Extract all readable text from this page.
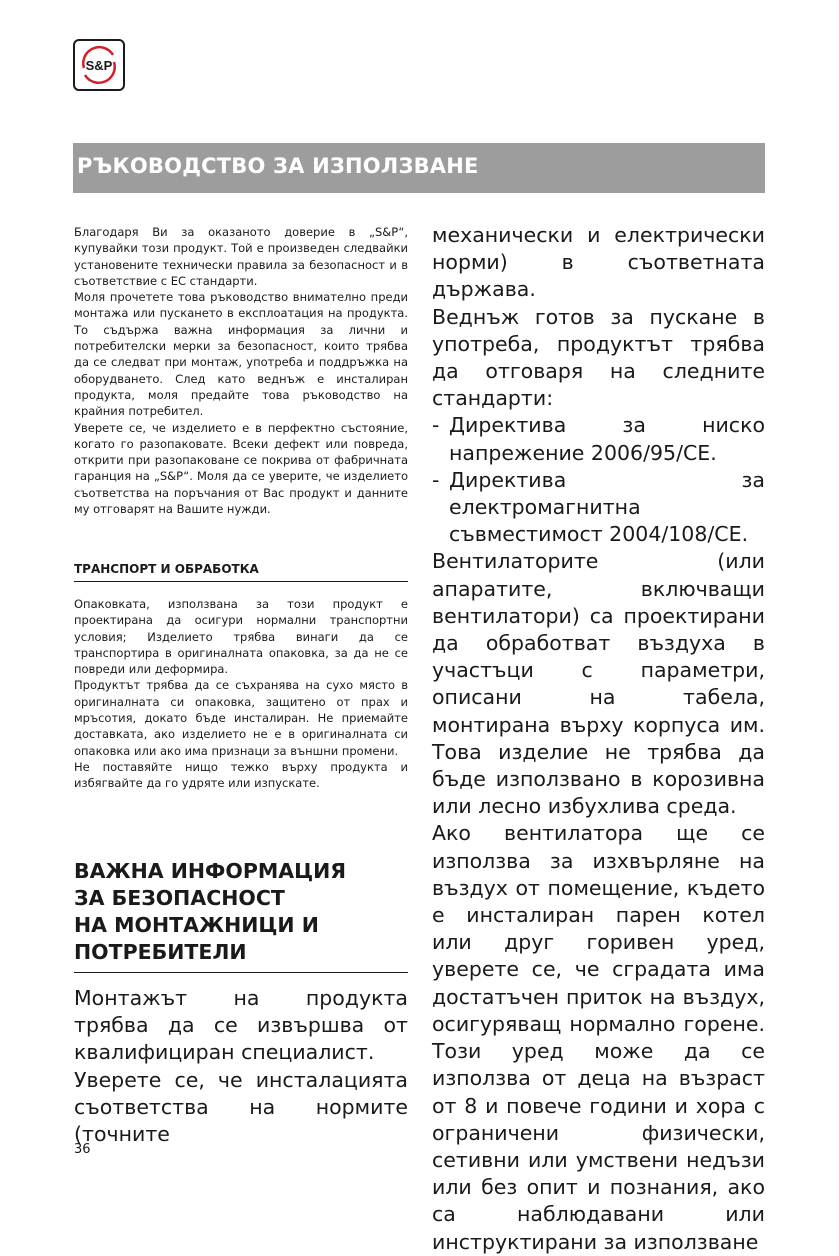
S&P
РЪКОВОДСТВО ЗА ИЗПОЛЗВАНЕ

Благодаря Ви за оказаното доверие в „S&P“, купувайки този продукт. Той е произведен следвайки установените технически правила за безопасност и в съответствие с ЕС стандарти.

Моля прочетете това ръководство внимателно преди монтажа или пускането в експлоатация на продукта. То съдържа важна информация за лични и потребителски мерки за безопасност, които трябва да се следват при монтаж, употреба и поддръжка на оборудването. След като веднъж е инсталиран продукта, моля предайте това ръководство на крайния потребител.

Уверете се, че изделието е в перфектно състояние, когато го разопаковате. Всеки дефект или повреда, открити при разопаковане се покрива от фабричната гаранция на „S&P“. Моля да се уверите, че изделието съответства на поръчания от Вас продукт и данните му отговарят на Вашите нужди.

ТРАНСПОРТ И ОБРАБОТКА

Опаковката, използвана за този продукт е проектирана да осигури нормални транспортни условия; Изделието трябва винаги да се транспортира в оригиналната опаковка, за да не се повреди или деформира.

Продуктът трябва да се съхранява на сухо място в оригиналната си опаковка, защитено от прах и мръсотия, докато бъде инсталиран. Не приемайте доставката, ако изделието не е в оригиналната си опаковка или ако има признаци за външни промени.

Не поставяйте нищо тежко върху продукта и избягвайте да го удряте или изпускате.

ВАЖНА ИНФОРМАЦИЯ
ЗА БЕЗОПАСНОСТ
НА МОНТАЖНИЦИ И
ПОТРЕБИТЕЛИ

Монтажът на продукта трябва да се извършва от квалифициран специалист.

Уверете се, че инсталацията съответства на нормите (точните

механически и електрически норми) в съответната държава.

Веднъж готов за пускане в употреба, продуктът трябва да отговаря на следните стандарти:

- Директива за ниско напрежение 2006/95/CE.
- Директива за електромагнитна съвместимост 2004/108/CE.

Вентилаторите (или апаратите, включващи вентилатори) са проектирани да обработват въздуха в участъци с параметри, описани на табела, монтирана върху корпуса им. Това изделие не трябва да бъде използвано в корозивна или лесно избухлива среда.

Ако вентилатора ще се използва за изхвърляне на въздух от помещение, където е инсталиран парен котел или друг горивен уред, уверете се, че сградата има достатъчен приток на въздух, осигуряващ нормално горене. Този уред може да се използва от деца на възраст от 8 и повече години и хора с ограничени физически, сетивни или умствени недъзи или без опит и познания, ако са наблюдавани или инструктирани за използване

36
